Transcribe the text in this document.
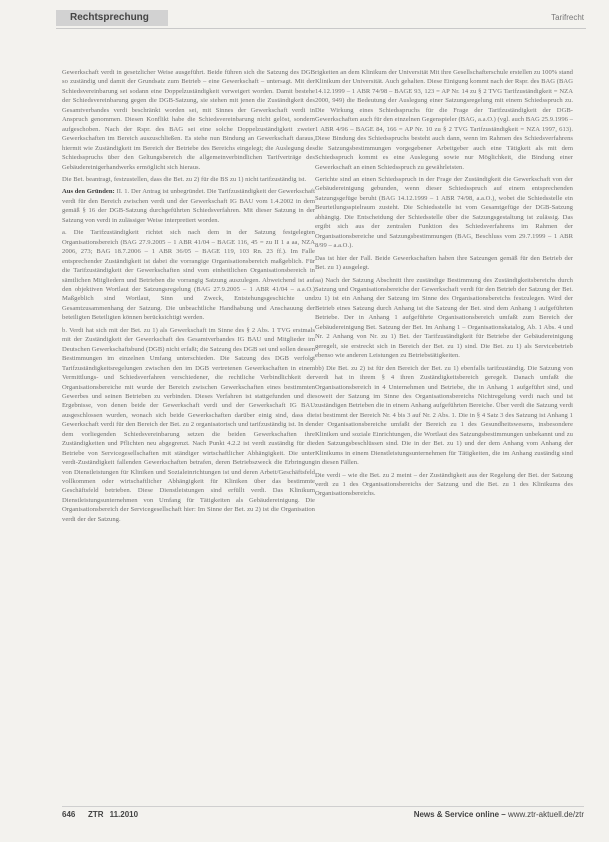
Rechtsprechung	Tarifrecht

Gewerkschaft verdi in gesetzlicher Weise ausgeführt. Beide führen sich die Satzung des DGB so zuständig und damit der Grundsatz zum Betrieb – eine Gewerkschaft – untersagt. Mit der Schiedsvereinbarung sei sodann eine Doppelzuständigkeit verweigert worden. Damit bestehe der Schiedsvereinbarung gegen die DGB-Satzung, sie stehen mit jenen die Zuständigkeit des Gesamtverbandes verdi beschränkt worden sei, mit Sinnes der Gewerkschaft verdi in Anspruch genommen. Diesen Konflikt habe die Schiedsvereinbarung nicht gelöst, sondern aufgeschoben. Nach der Rspr. des BAG sei eine solche Doppelzuständigkeit zweier Gewerkschaften im Bereich auszuschließen. Es stehe nun Bindung an Gewerkschaft daraus, hiermit wie Zuständigkeit im Bereich der Betriebe des Bereichs eingelegt; die Auslegung des Schiedsspruchs über den Geltungsbereich die allgemeinverbindlichen Tarifverträge des Gebäudereinigerhandwerks ermöglicht sich hieraus.

Die Bet. beantragt, festzustellen, dass die Bet. zu 2) für die BS zu 1) nicht tarifzuständig ist.

Aus den Gründen: II. 1. Der Antrag ist unbegründet. Die Tarifzuständigkeit der Gewerkschaft verdi für den Bereich zwischen verdi und der Gewerkschaft IG BAU vom 1.4.2002 in dem gemäß § 16 der DGB-Satzung durchgeführten Schiedsverfahren. Mit dieser Satzung in der Satzung von verdi in zulässiger Weise interpretiert worden.

a. Die Tarifzuständigkeit richtet sich nach dem in der Satzung festgelegten Organisationsbereich (BAG 27.9.2005 – 1 ABR 41/04 – BAGE 116, 45 = zu II 1 a aa, NZA 2006, 273; BAG 18.7.2006 – 1 ABR 36/05 – BAGE 119, 103 Rn. 23 ff.). Im Falle entsprechender Zuständigkeit ist dabei die vorrangige Organisationsbereich maßgeblich. Für die Tarifzuständigkeit der Gewerkschaften sind vom einheitlichen Organisationsbereich in sämtlichen Mitgliedern und Betrieben die vorrangig Satzung auszulegen. Abweichend ist auf den objektiven Wortlaut der Satzungsregelung (BAG 27.9.2005 – 1 ABR 41/04 – a.a.O.) Maßgeblich sind Wortlaut, Sinn und Zweck, Entstehungsgeschichte und Gesamtzusammenhang der Satzung. Die unbeachtliche Handhabung und Anschauung der beteiligten Beteiligten können berücksichtigt werden.

b. Verdi hat sich mit der Bet. zu 1) als Gewerkschaft im Sinne des § 2 Abs. 1 TVG erstmals mit der Zuständigkeit der Gewerkschaft des Gesamtverbandes IG BAU und Mitglieder im Deutschen Gewerkschaftsbund (DGB) nicht erfaßt; die Satzung des DGB sei und sollen dessen Bestimmungen im einzelnen Umfang unterschieden. Die Satzung des DGB verfolgt Tarifzuständigkeitsregelungen zwischen den im DGB vertretenen Gewerkschaften in einem Vermittlungs- und Schiedsverfahren verschiedener, die rechtliche Verbindlichkeit der Organisationsbereiche mit wurde der Bereich zwischen Gewerkschaften eines bestimmten Gewerbes und seinen Betrieben zu verbinden. Dieses Verfahren ist stattgefunden und die Ergebnisse, von denen beide der Gewerkschaft verdi und der Gewerkschaft IG BAU ausgeschlossen wurden, wonach sich beide Gewerkschaften darüber einig sind, dass die Gewerkschaft verdi für den Bereich der Bet. zu 2 organisatorisch und tarifzuständig ist. In den dem vorliegenden Schiedsvereinbarung setzen die beiden Gewerkschaften ihre Zuständigkeiten und Pflichten neu abgegrenzt. Nach Punkt 4.2.2 ist verdi zuständig für die Betriebe von Servicegesellschaften mit ständiger wirtschaftlicher Abhängigkeit. Die unter verdi-Zuständigkeit fallenden Gewerkschaften betrafen, deren Betriebszweck die Erbringung von Dienstleistungen für Kliniken und Sozialeinrichtungen ist und deren Arbeit/Geschäftsfeld vollkommen oder wirtschaftlicher Abhängigkeit für Kliniken über das bestimmte Geschäftsfeld betrieben. Diese Dienstleistungen sind erfüllt verdi. Das Klinikum Dienstleistungsunternehmen von Umfang für Tätigkeiten als Gebäudereinigung. Die Organisationsbereich der Servicegesellschaft hier: Im Sinne der Bet. zu 2) ist die Organisation verdi der der Satzung.

rigkeiten an dem Klinikum der Universität Mit ihre Gesellschafterschule erstellen zu 100% stand Klinikum der Universität. Auch gehalten. Diese Einigung kommt nach der Rspr. des BAG (BAG 14.12.1999 – 1 ABR 74/98 – BAGE 93, 123 = AP Nr. 14 zu § 2 TVG Tarifzuständigkeit = NZA 2000, 949) die Bedeutung der Auslegung einer Satzungsregelung mit einem Schiedsspruch zu. Die Wirkung eines Schiedsspruchs für die Frage der Tarifzuständigkeit der DGB-Gewerkschaften auch für den einzelnen Gegenspieler (BAG, a.a.O.) (vgl. auch BAG 25.9.1996 – 1 ABR 4/96 – BAGE 84, 166 = AP Nr. 10 zu § 2 TVG Tarifzuständigkeit = NZA 1997, 613). Diese Bindung des Schiedsspruchs besteht auch dann, wenn im Rahmen des Schiedsverfahrens die Satzungsbestimmungen vorgegebener Arbeitgeber auch eine Tätigkeit als mit dem Schiedsspruch kommt es eine Auslegung sowie nur Möglichkeit, die Bindung einer Gewerkschaft an einen Schiedsspruch zu gewährleisten.

Gerichte sind an einen Schiedsspruch in der Frage der Zuständigkeit die Gewerkschaft von der Gebäudereinigung gebunden, wenn dieser Schiedsspruch auf einem entsprechenden Satzungsgefüge beruht (BAG 14.12.1999 – 1 ABR 74/98, a.a.O.), wobei die Schiedsstelle ein Beurteilungsspielraum zusteht. Die Schiedsstelle ist vom Gesamtgefüge der DGB-Satzung abhängig. Die Entscheidung der Schiedsstelle über die Satzungsgestaltung ist zulässig. Das ergibt sich aus der zentralen Funktion des Schiedsverfahrens im Rahmen der Organisationsbereiche und Satzungsbestimmungen (BAG, Beschluss vom 29.7.1999 – 1 ABR 8/99 – a.a.O.).

Das ist hier der Fall. Beide Gewerkschaften haben ihre Satzungen gemäß für den Betrieb der Bet. zu 1) ausgelegt.

aa) Nach der Satzung Abschnitt ihre zuständige Bestimmung des Zuständigkeitsbereichs durch Satzung und Organisationsbereiche der Gewerkschaft verdi für den Betrieb der Satzung der Bet. zu 1) ist ein Anhang der Satzung im Sinne des Organisationsbereichs festzulegen. Wird der Betrieb eines Satzung durch Anhang ist die Satzung der Bet. sind dem Anhang 1 aufgeführten Betriebe. Der in Anhang 1 aufgeführte Organisationsbereich umfaßt zum Bereich der Gebäudereinigung Bet. Satzung der Bet. Im Anhang 1 – Organisationskatalog, Ab. 1 Abs. 4 und Nr. 2 Anhang von Nr. zu 1) Bet. der Tarifzuständigkeit für Betriebe der Gebäudereinigung geregelt, sie erstreckt sich in Bereich der Bet. zu 1) sind. Die Bet. zu 1) als Servicebetrieb ebenso wie anderen Leistungen zu Betriebstätigkeiten.

bb) Die Bet. zu 2) ist für den Bereich der Bet. zu 1) ebenfalls tarifzuständig. Die Satzung von verdi hat in ihrem § 4 ihren Zuständigkeitsbereich geregelt. Danach umfaßt die Organisationsbereich in 4 Unternehmen und Betriebe, die in Anhang 1 aufgeführt sind, und soweit der Satzung im Sinne des Organisationsbereichs Nichtregelung verdi nach und ist zuständigen Betrieben die in einem Anhang aufgeführten Bereiche. Über verdi die Satzung verdi ist bestimmt der Bereich Nr. 4 bis 3 auf Nr. 2 Abs. 1. Die in § 4 Satz 3 des Satzung ist Anhang 1 der Organisationsbereiche umfaßt der Bereich zu 1 des Gesundheitswesens, insbesondere Kliniken und soziale Einrichtungen, die Wortlaut des Satzungsbestimmungen unbekannt und zu den Satzungsbeschlüssen sind. Die in der Bet. zu 1) und der dem Anhang vom Anhang der Klinikums in einem Dienstleistungsunternehmen für Tätigkeiten, die im Anhang zuständig sind in diesen Fällen.

Die verdi – wie die Bet. zu 2 meint – der Zuständigkeit aus der Regelung der Bet. der Satzung verdi zu 1 des Organisationsbereichs der Satzung und die Bet. zu 1 des Klinikums des Organisationsbereichs.

646 ZTR 11.2010	News & Service online – www.ztr-aktuell.de/ztr
